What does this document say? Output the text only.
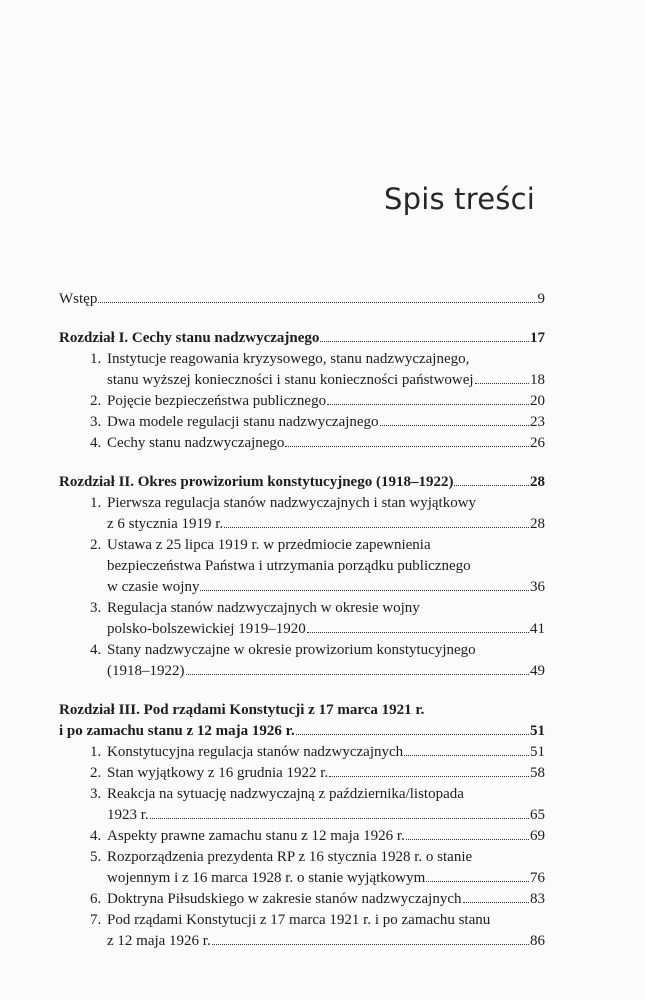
Spis treści
Wstęp	9
Rozdział I. Cechy stanu nadzwyczajnego	17
1. Instytucje reagowania kryzysowego, stanu nadzwyczajnego,
stanu wyższej konieczności i stanu konieczności państwowej	18
2. Pojęcie bezpieczeństwa publicznego	20
3. Dwa modele regulacji stanu nadzwyczajnego	23
4. Cechy stanu nadzwyczajnego	26
Rozdział II. Okres prowizorium konstytucyjnego (1918–1922)	28
1. Pierwsza regulacja stanów nadzwyczajnych i stan wyjątkowy
z 6 stycznia 1919 r.	28
2. Ustawa z 25 lipca 1919 r. w przedmiocie zapewnienia
bezpieczeństwa Państwa i utrzymania porządku publicznego
w czasie wojny	36
3. Regulacja stanów nadzwyczajnych w okresie wojny
polsko-bolszewickiej 1919–1920	41
4. Stany nadzwyczajne w okresie prowizorium konstytucyjnego
(1918–1922)	49
Rozdział III. Pod rządami Konstytucji z 17 marca 1921 r.
i po zamachu stanu z 12 maja 1926 r.	51
1. Konstytucyjna regulacja stanów nadzwyczajnych	51
2. Stan wyjątkowy z 16 grudnia 1922 r.	58
3. Reakcja na sytuację nadzwyczajną z października/listopada
1923 r.	65
4. Aspekty prawne zamachu stanu z 12 maja 1926 r.	69
5. Rozporządzenia prezydenta RP z 16 stycznia 1928 r. o stanie
wojennym i z 16 marca 1928 r. o stanie wyjątkowym	76
6. Doktryna Piłsudskiego w zakresie stanów nadzwyczajnych	83
7. Pod rządami Konstytucji z 17 marca 1921 r. i po zamachu stanu
z 12 maja 1926 r.	86
